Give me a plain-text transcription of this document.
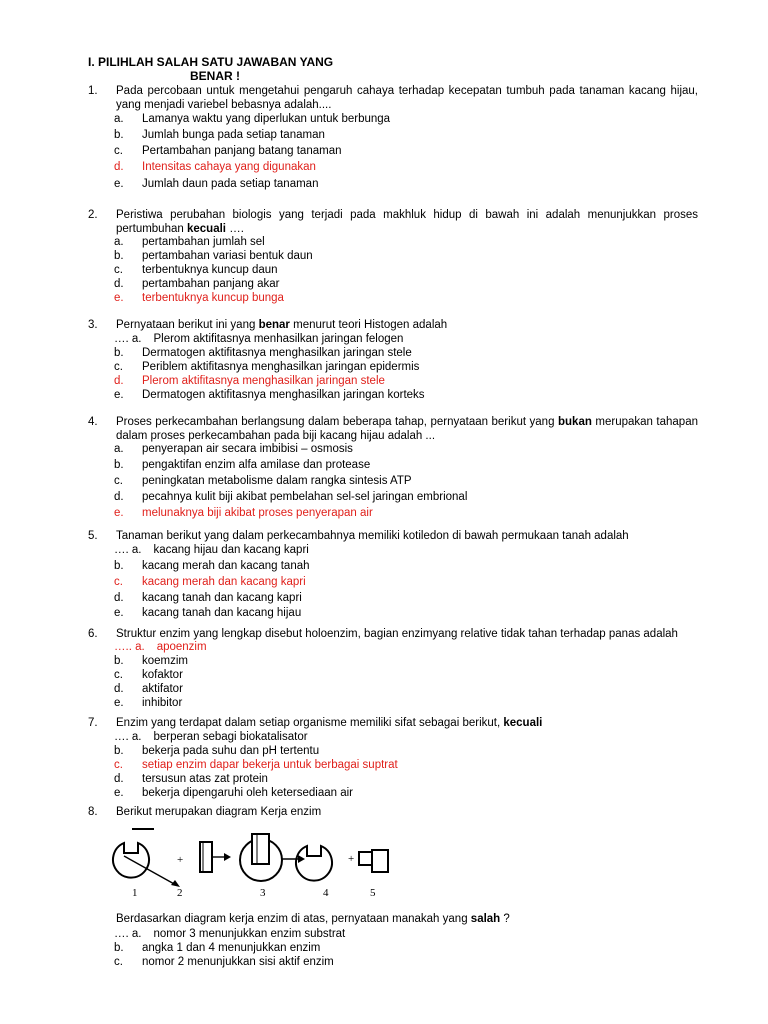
I. PILIHLAH SALAH SATU JAWABAN YANG
BENAR !
1. Pada percobaan untuk mengetahui pengaruh cahaya terhadap kecepatan tumbuh pada tanaman kacang hijau, yang menjadi variebel bebasnya adalah....
a. Lamanya waktu yang diperlukan untuk berbunga
b. Jumlah bunga pada setiap tanaman
c. Pertambahan panjang batang tanaman
d. Intensitas cahaya yang digunakan
e. Jumlah daun pada setiap tanaman
2. Peristiwa perubahan biologis yang terjadi pada makhluk hidup di bawah ini adalah menunjukkan proses pertumbuhan kecuali ….
a. pertambahan jumlah sel
b. pertambahan variasi bentuk daun
c. terbentuknya kuncup daun
d. pertambahan panjang akar
e. terbentuknya kuncup bunga
3. Pernyataan berikut ini yang benar menurut teori Histogen adalah
…. a. Plerom aktifitasnya menhasilkan jaringan felogen
b. Dermatogen aktifitasnya menghasilkan jaringan stele
c. Periblem aktifitasnya menghasilkan jaringan epidermis
d. Plerom aktifitasnya menghasilkan jaringan stele
e. Dermatogen aktifitasnya menghasilkan jaringan korteks
4. Proses perkecambahan berlangsung dalam beberapa tahap, pernyataan berikut yang bukan merupakan tahapan dalam proses perkecambahan pada biji kacang hijau adalah ...
a. penyerapan air secara imbibisi – osmosis
b. pengaktifan enzim alfa amilase dan protease
c. peningkatan metabolisme dalam rangka sintesis ATP
d. pecahnya kulit biji akibat pembelahan sel-sel jaringan embrional
e. melunaknya biji akibat proses penyerapan air
5. Tanaman berikut yang dalam perkecambahnya memiliki kotiledon di bawah permukaan tanah adalah
…. a. kacang hijau dan kacang kapri
b. kacang merah dan kacang tanah
c. kacang merah dan kacang kapri
d. kacang tanah dan kacang kapri
e. kacang tanah dan kacang hijau
6. Struktur enzim yang lengkap disebut holoenzim, bagian enzimyang relative tidak tahan terhadap panas adalah
….. a. apoenzim
b. koemzim
c. kofaktor
d. aktifator
e. inhibitor
7. Enzim yang terdapat dalam setiap organisme memiliki sifat sebagai berikut, kecuali
…. a. berperan sebagi biokatalisator
b. bekerja pada suhu dan pH tertentu
c. setiap enzim dapar bekerja untuk berbagai suptrat
d. tersusun atas zat protein
e. bekerja dipengaruhi oleh ketersediaan air
8. Berikut merupakan diagram Kerja enzim
+	+
1	2	3	4	5
Berdasarkan diagram kerja enzim di atas, pernyataan manakah yang salah ?
…. a. nomor 3 menunjukkan enzim substrat
b. angka 1 dan 4 menunjukkan enzim
c. nomor 2 menunjukkan sisi aktif enzim
